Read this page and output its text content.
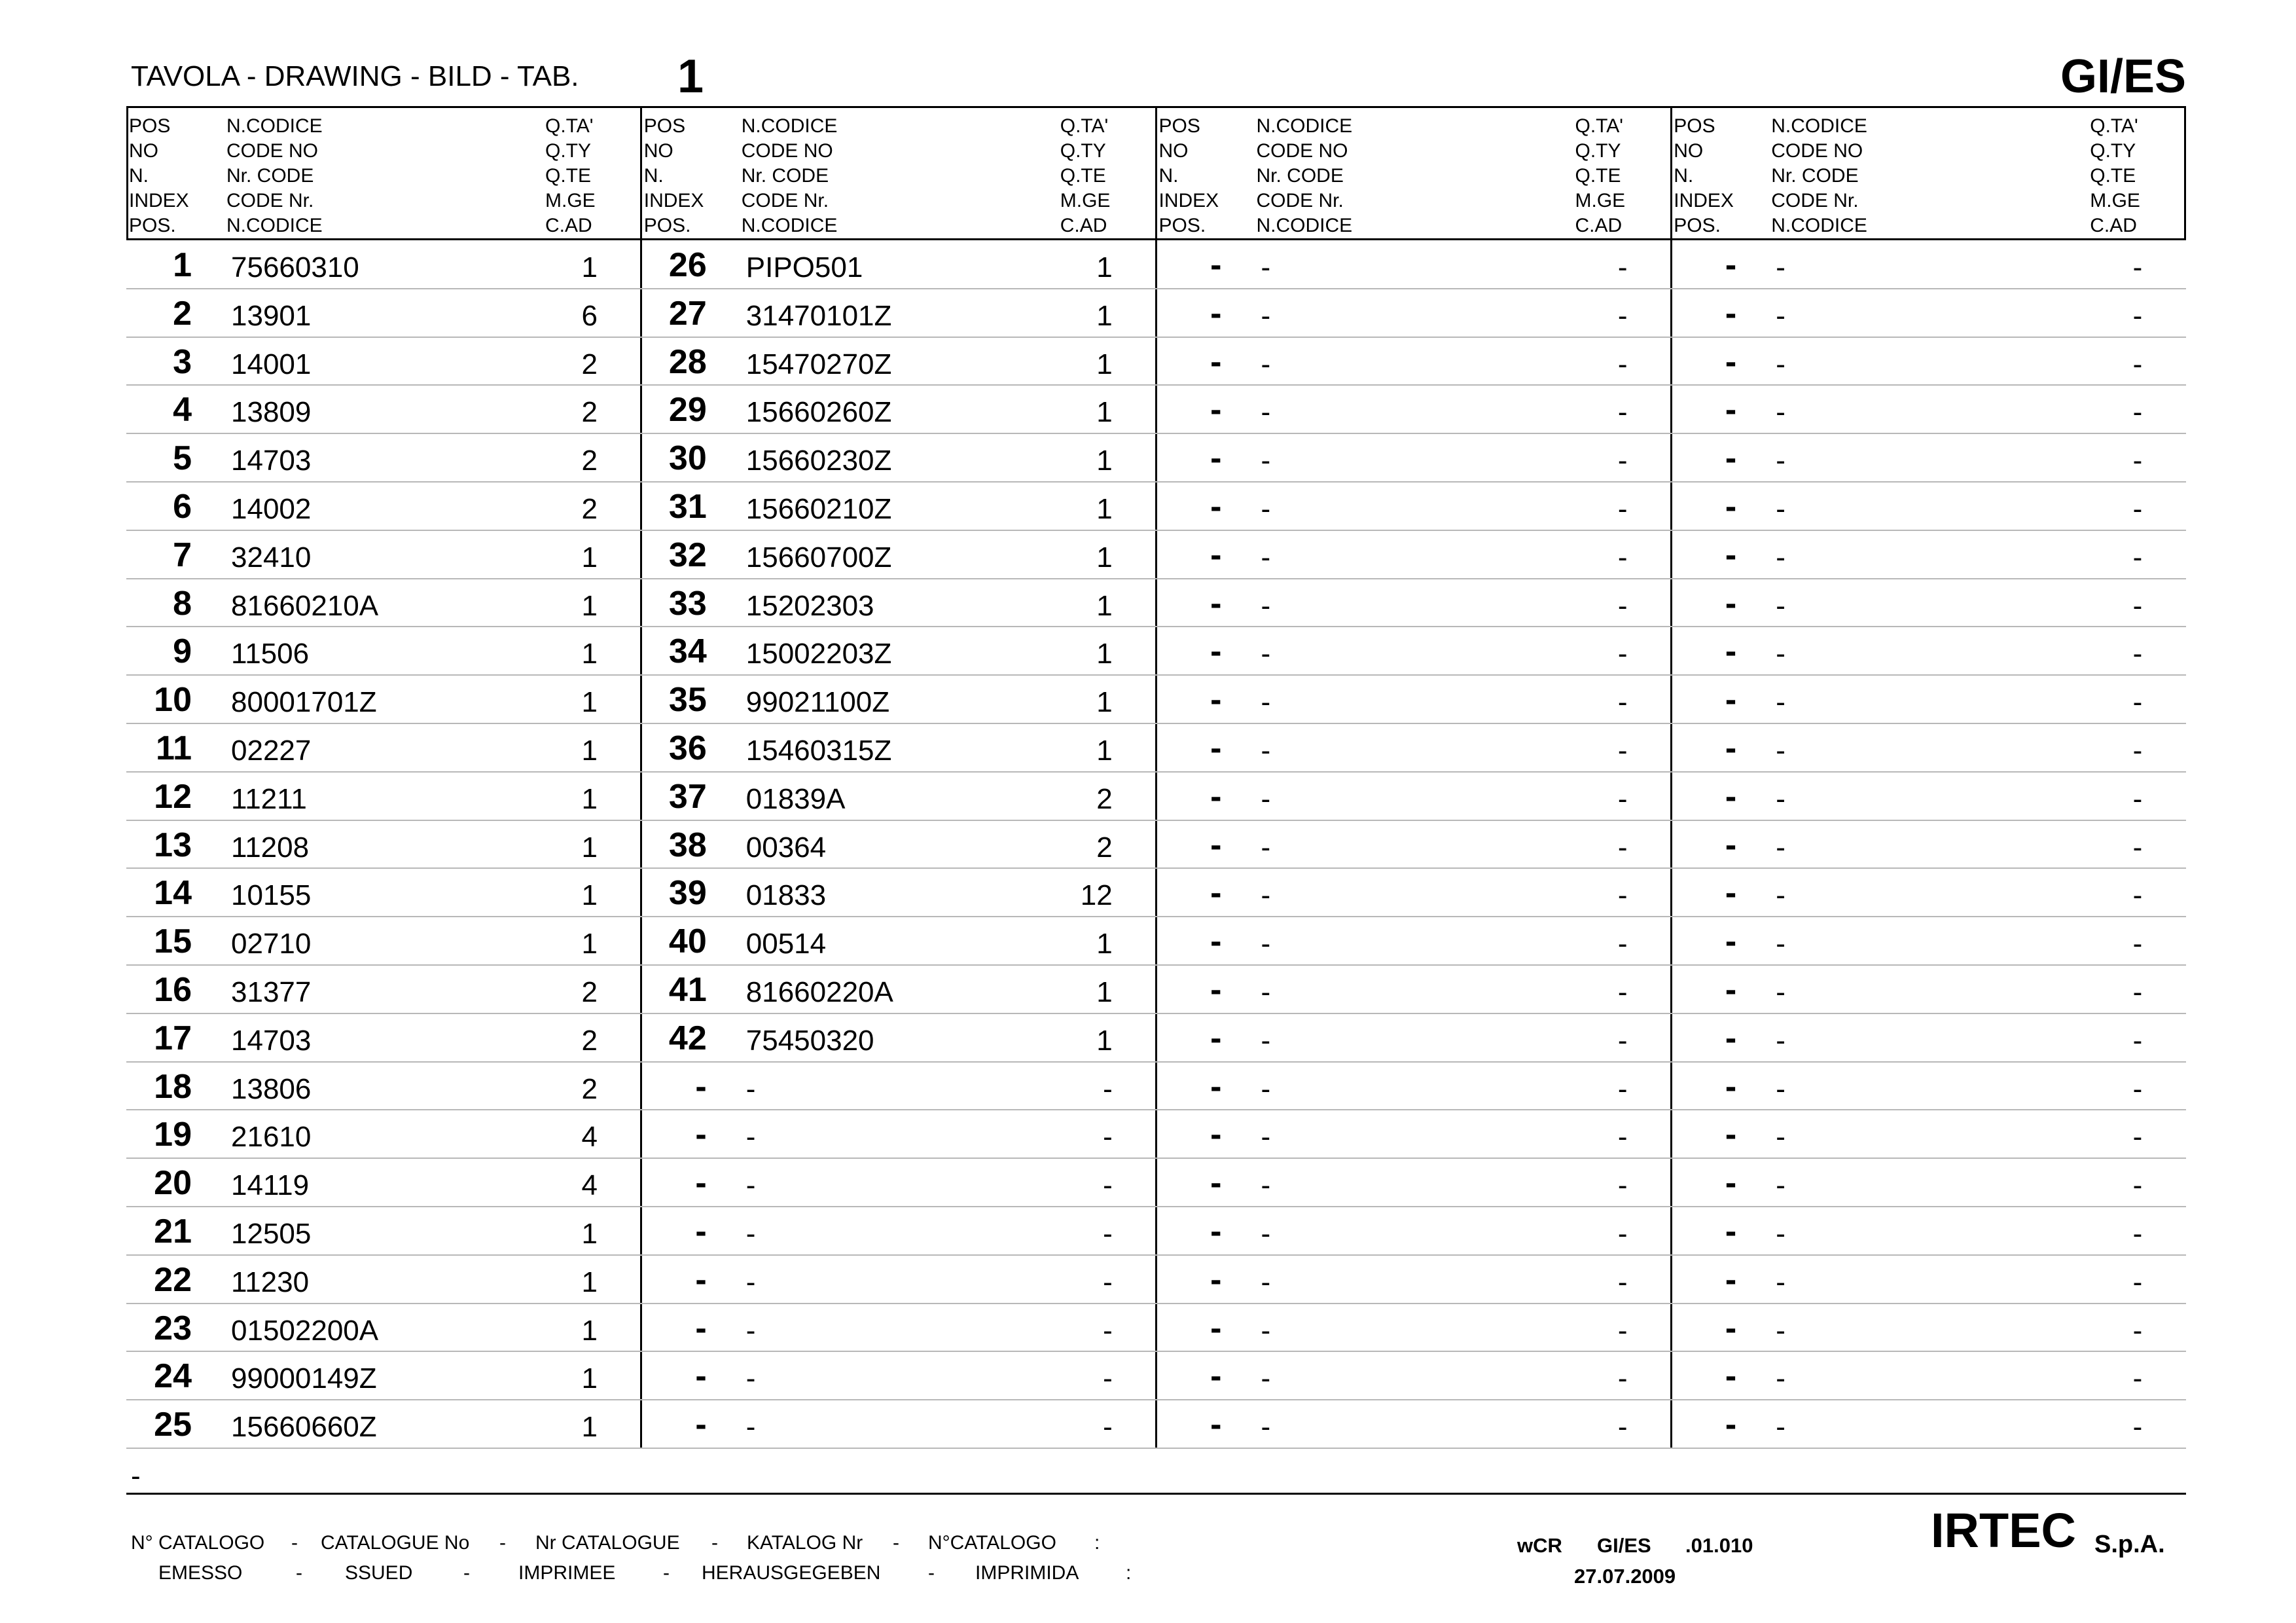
TAVOLA - DRAWING - BILD - TAB. 1	GI/ES
POS
NO
N.
INDEX
POS.
N.CODICE
CODE NO
Nr. CODE
CODE Nr.
N.CODICE
Q.TA'
Q.TY
Q.TE
M.GE
C.AD
POS
NO
N.
INDEX
POS.
N.CODICE
CODE NO
Nr. CODE
CODE Nr.
N.CODICE
Q.TA'
Q.TY
Q.TE
M.GE
C.AD
POS
NO
N.
INDEX
POS.
N.CODICE
CODE NO
Nr. CODE
CODE Nr.
N.CODICE
Q.TA'
Q.TY
Q.TE
M.GE
C.AD
POS
NO
N.
INDEX
POS.
N.CODICE
CODE NO
Nr. CODE
CODE Nr.
N.CODICE
Q.TA'
Q.TY
Q.TE
M.GE
C.AD
1 75660310	1	26 PIPO501	1	- -	-	- -	-
2 13901	6	27 31470101Z	1	- -	-	- -	-
3 14001	2	28 15470270Z	1	- -	-	- -	-
4 13809	2	29 15660260Z	1	- -	-	- -	-
5 14703	2	30 15660230Z	1	- -	-	- -	-
6 14002	2	31 15660210Z	1	- -	-	- -	-
7 32410	1	32 15660700Z	1	- -	-	- -	-
8 81660210A	1	33 15202303	1	- -	-	- -	-
9 11506	1	34 15002203Z	1	- -	-	- -	-
10 80001701Z	1	35 99021100Z	1	- -	-	- -	-
11 02227	1	36 15460315Z	1	- -	-	- -	-
12 11211	1	37 01839A	2	- -	-	- -	-
13 11208	1	38 00364	2	- -	-	- -	-
14 10155	1	39 01833	12	- -	-	- -	-
15 02710	1	40 00514	1	- -	-	- -	-
16 31377	2	41 81660220A	1	- -	-	- -	-
17 14703	2	42 75450320	1	- -	-	- -	-
18 13806	2	- -	-	- -	-	- -	-
19 21610	4	- -	-	- -	-	- -	-
20 14119	4	- -	-	- -	-	- -	-
21 12505	1	- -	-	- -	-	- -	-
22 11230	1	- -	-	- -	-	- -	-
23 01502200A	1	- -	-	- -	-	- -	-
24 99000149Z	1	- -	-	- -	-	- -	-
25 15660660Z	1	- -	-	- -	-	- -	-
-
N° CATALOGO - CATALOGUE No - Nr CATALOGUE - KATALOG Nr - N°CATALOGO :
EMESSO	- SSUED	- IMPRIMEE - HERAUSGEGEBEN - IMPRIMIDA :
wCR GI/ES .01.010
27.07.2009
IRTEC S.p.A.
